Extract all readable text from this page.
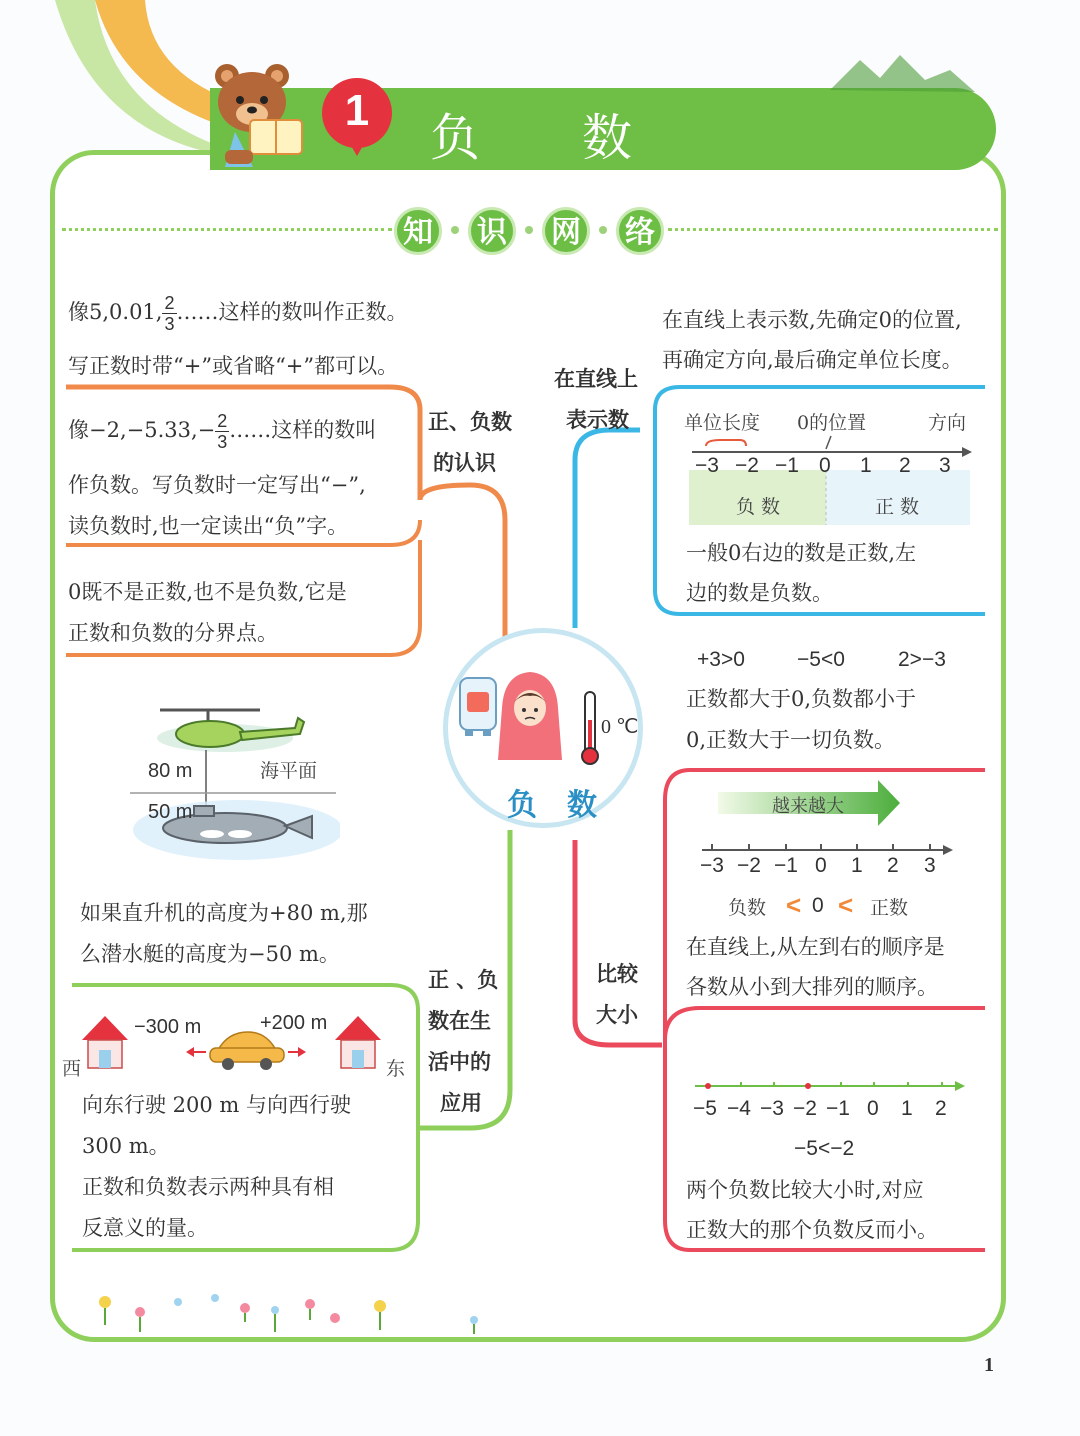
1	负 数
知	识	网	络
像5,0.01, $\frac{2}{3}$ ……这样的数叫作正数。
写正数时带“+”或省略“+”都可以。
像$-2,-5.33,- \frac{2}{3}$ ……这样的数叫
作负数。写负数时一定写出“−”,
读负数时,也一定读出“负”字。
0既不是正数,也不是负数,它是
正数和负数的分界点。
正、负数
的认识
在直线上
表示数
在直线上表示数,先确定0的位置,
再确定方向,最后确定单位长度。
单位长度 0的位置	方向
−3 −2 −1 0 1 2 3
负 数	正 数
一般0右边的数是正数,左
边的数是负数。
0 ℃
负　数
+3>0 −5<0	2>−3
正数都大于0,负数都小于
0,正数大于一切负数。
越来越大
−3 −2 −1 0 1 2 3
负数 < 0 < 正数
在直线上,从左到右的顺序是
各数从小到大排列的顺序。
比较
大小
−5 −4 −3 −2 −1 0 1 2
−5<−2
两个负数比较大小时,对应
正数大的那个负数反而小。
80 m	海平面
50 m
如果直升机的高度为+80 m,那
么潜水艇的高度为−50 m。
−300 m	+200 m
西	东
向东行驶 200 m 与向西行驶
300 m。
正数和负数表示两种具有相
反意义的量。
正 、负
数在生
活中的
应用
1
